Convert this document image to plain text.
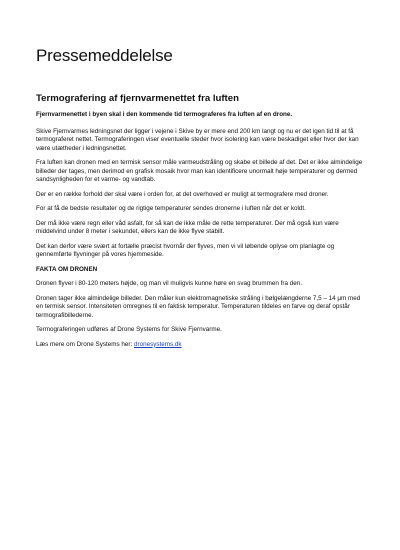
Pressemeddelelse
Termografering af fjernvarmenettet fra luften

Fjernvarmenettet i byen skal i den kommende tid termograferes fra luften af en drone.

Skive Fjernvarmes ledningsnet der ligger i vejene i Skive by er mere end 200 km langt og nu er det igen tid til at få termograferet nettet. Termograferingen viser eventuelle steder hvor isolering kan være beskadiget eller hvor der kan være utætheder i ledningsnettet.

Fra luften kan dronen med en termisk sensor måle varmeudstråling og skabe et billede af det. Det er ikke almindelige billeder der tages, men derimod en grafisk mosaik hvor man kan identificere unormalt høje temperaturer og dermed sandsynligheden for et varme- og vandtab.

Der er en række forhold der skal være i orden for, at det overhoved er muligt at termografere med droner.

For at få de bedste resultater og de rigtige temperaturer sendes dronerne i luften når det er koldt.

Der må ikke være regn eller våd asfalt, for så kan de ikke måle de rette temperaturer. Der må også kun være middelvind under 8 meter i sekundet, ellers kan de ikke flyve stabilt.

Det kan derfor være svært at fortælle præcist hvornår der flyves, men vi vil løbende oplyse om planlagte og gennemførte flyvninger på vores hjemmeside.

FAKTA OM DRONEN

Dronen flyver i 80-120 meters højde, og man vil muligvis kunne høre en svag brummen fra den.

Dronen tager ikke almindelige billeder. Den måler kun elektromagnetiske stråling i bølgelængderne 7,5 – 14 μm med en termisk sensor. Intensiteten omregnes til en faktisk temperatur. Temperaturen tildeles en farve og deraf opstår termografibillederne.

Termograferingen udføres af Drone Systems for Skive Fjernvarme.

Læs mere om Drone Systems her: dronesystems.dk
